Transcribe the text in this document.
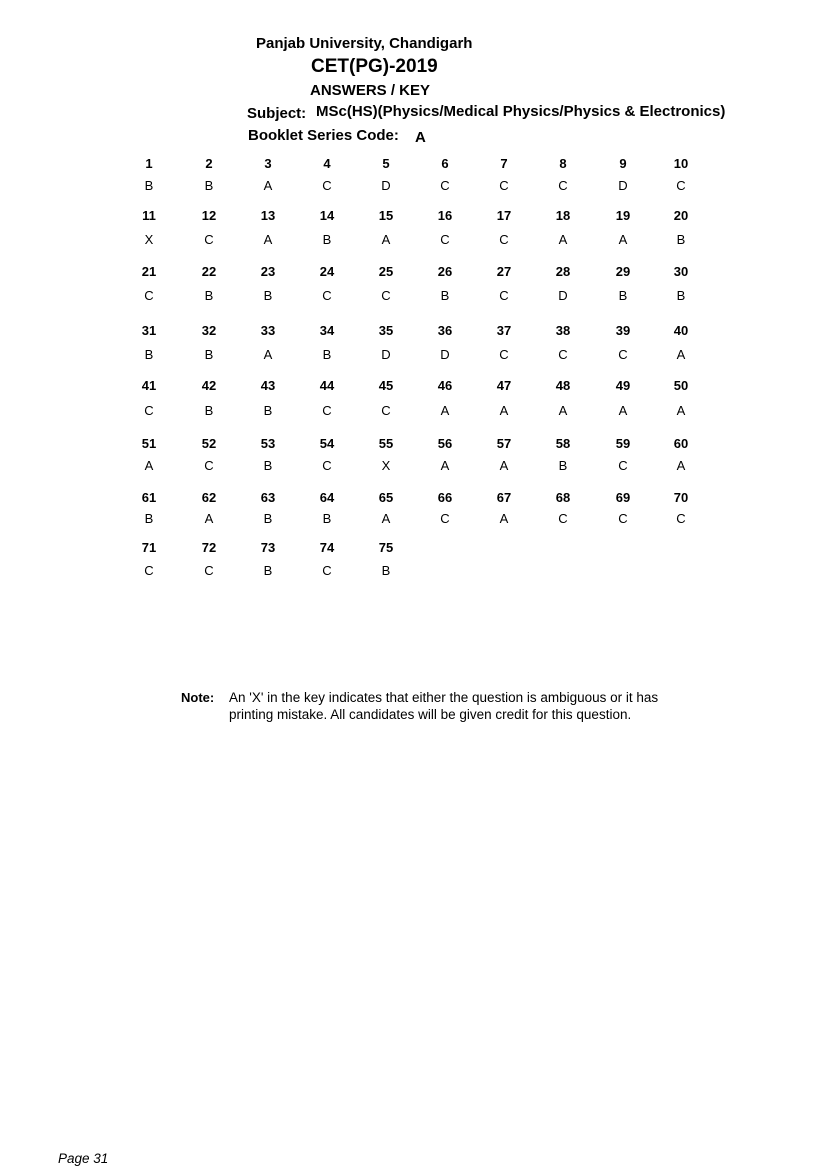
Panjab University, Chandigarh
CET(PG)-2019
ANSWERS / KEY
Subject: MSc(HS)(Physics/Medical Physics/Physics & Electronics)
Booklet Series Code: A
1
B
2
B
3
A
4
C
5
D
6
C
7
C
8
C
9
D
10
C
11
X
12
C
13
A
14
B
15
A
16
C
17
C
18
A
19
A
20
B
21
C
22
B
23
B
24
C
25
C
26
B
27
C
28
D
29
B
30
B
31
B
32
B
33
A
34
B
35
D
36
D
37
C
38
C
39
C
40
A
41
C
42
B
43
B
44
C
45
C
46
A
47
A
48
A
49
A
50
A
51
A
52
C
53
B
54
C
55
X
56
A
57
A
58
B
59
C
60
A
61
B
62
A
63
B
64
B
65
A
66
C
67
A
68
C
69
C
70
C
71
C
72
C
73
B
74
C
75
B
Note: An 'X' in the key indicates that either the question is ambiguous or it has printing mistake. All candidates will be given credit for this question.
Page 31
